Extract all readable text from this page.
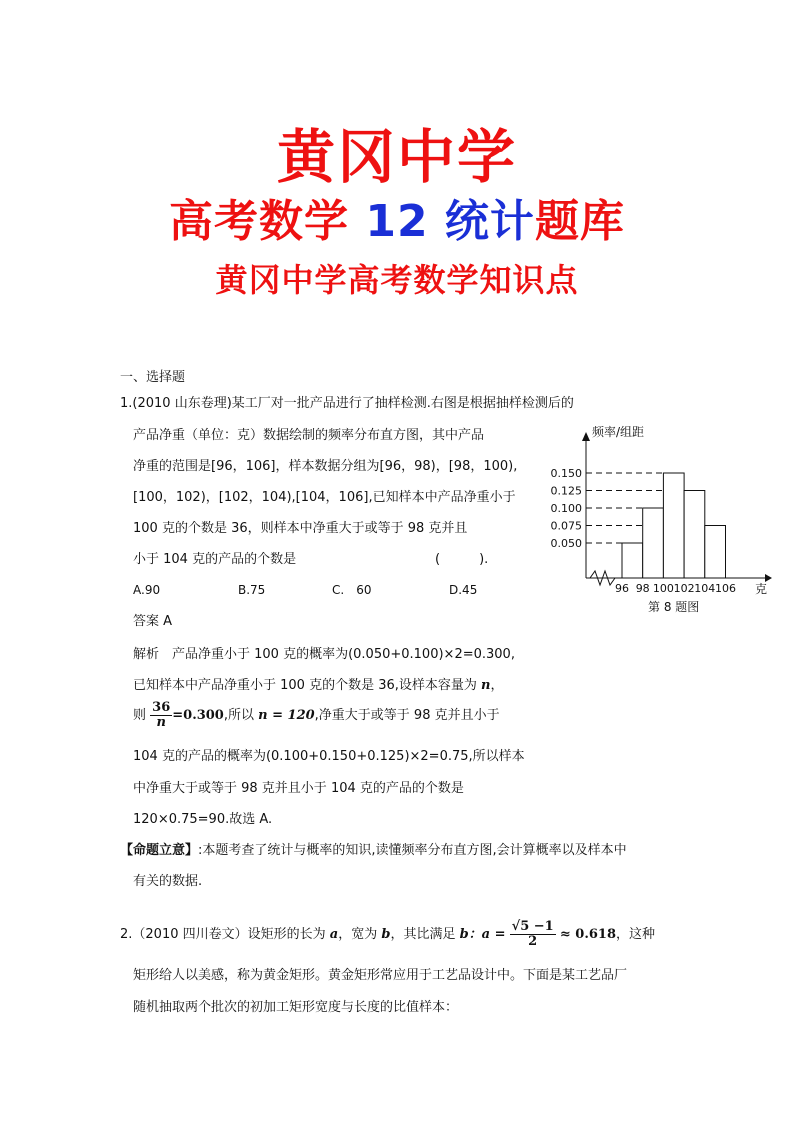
黄冈中学
高考数学 12 统计题库
黄冈中学高考数学知识点
一、选择题
1.(2010 山东卷理)某工厂对一批产品进行了抽样检测.右图是根据抽样检测后的
产品净重（单位：克）数据绘制的频率分布直方图，其中产品
净重的范围是[96，106]，样本数据分组为[96，98)，[98，100),
[100，102)，[102，104),[104，106],已知样本中产品净重小于
100 克的个数是 36，则样本中净重大于或等于 98 克并且
小于 104 克的产品的个数是	(　　　).
A.90	B.75	C.　60	D.45
答案 A
解析　产品净重小于 100 克的概率为(0.050+0.100)×2=0.300,
已知样本中产品净重小于 100 克的个数是 36,设样本容量为 n，
则 $\frac{36}{n} =0.300$,所以 n = 120,净重大于或等于 98 克并且小于
104 克的产品的概率为(0.100+0.150+0.125)×2=0.75,所以样本
中净重大于或等于 98 克并且小于 104 克的产品的个数是
120×0.75=90.故选 A.
【命题立意】:本题考查了统计与概率的知识,读懂频率分布直方图,会计算概率以及样本中
有关的数据.
2.（2010 四川卷文）设矩形的长为 a，宽为 b，其比满足 b：$a = \frac{√5 -1}{2} \approx 0.618$，这种
矩形给人以美感，称为黄金矩形。黄金矩形常应用于工艺品设计中。下面是某工艺品厂
随机抽取两个批次的初加工矩形宽度与长度的比值样本：
0.150
0.125
0.100
0.075
0.050
96 98 100 102 104 106
频率/组距
克
第 8 题图
